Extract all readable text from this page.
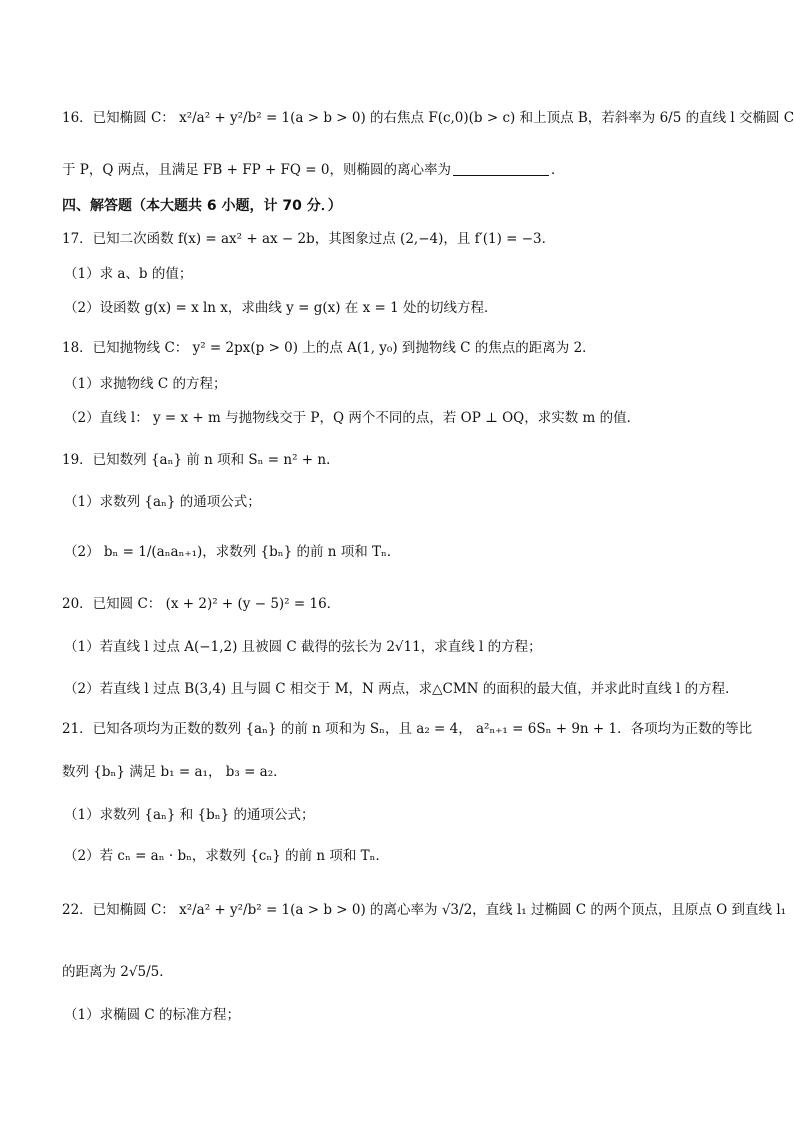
16．已知椭圆 C： x²/a² + y²/b² = 1(a > b > 0) 的右焦点 F(c,0)(b > c) 和上顶点 B，若斜率为 6/5 的直线 l 交椭圆 C
于 P，Q 两点，且满足 FB + FP + FQ = 0，则椭圆的离心率为	．
四、解答题（本大题共 6 小题，计 70 分．）
17．已知二次函数 f(x) = ax² + ax − 2b，其图象过点 (2,−4)，且 f′(1) = −3．
（1）求 a、b 的值；
（2）设函数 g(x) = x ln x，求曲线 y = g(x) 在 x = 1 处的切线方程．
18．已知抛物线 C： y² = 2px(p > 0) 上的点 A(1, y₀) 到抛物线 C 的焦点的距离为 2．
（1）求抛物线 C 的方程；
（2）直线 l： y = x + m 与抛物线交于 P，Q 两个不同的点，若 OP ⊥ OQ，求实数 m 的值．
19．已知数列 {aₙ} 前 n 项和 Sₙ = n² + n．
（1）求数列 {aₙ} 的通项公式；
（2） bₙ = 1/(aₙaₙ₊₁)，求数列 {bₙ} 的前 n 项和 Tₙ．
20．已知圆 C： (x + 2)² + (y − 5)² = 16．
（1）若直线 l 过点 A(−1,2) 且被圆 C 截得的弦长为 2√11，求直线 l 的方程；
（2）若直线 l 过点 B(3,4) 且与圆 C 相交于 M，N 两点，求△CMN 的面积的最大值，并求此时直线 l 的方程．
21．已知各项均为正数的数列 {aₙ} 的前 n 项和为 Sₙ，且 a₂ = 4， a²ₙ₊₁ = 6Sₙ + 9n + 1．各项均为正数的等比
数列 {bₙ} 满足 b₁ = a₁， b₃ = a₂．
（1）求数列 {aₙ} 和 {bₙ} 的通项公式；
（2）若 cₙ = aₙ · bₙ，求数列 {cₙ} 的前 n 项和 Tₙ．
22．已知椭圆 C： x²/a² + y²/b² = 1(a > b > 0) 的离心率为 √3/2，直线 l₁ 过椭圆 C 的两个顶点，且原点 O 到直线 l₁
的距离为 2√5/5．
（1）求椭圆 C 的标准方程；
